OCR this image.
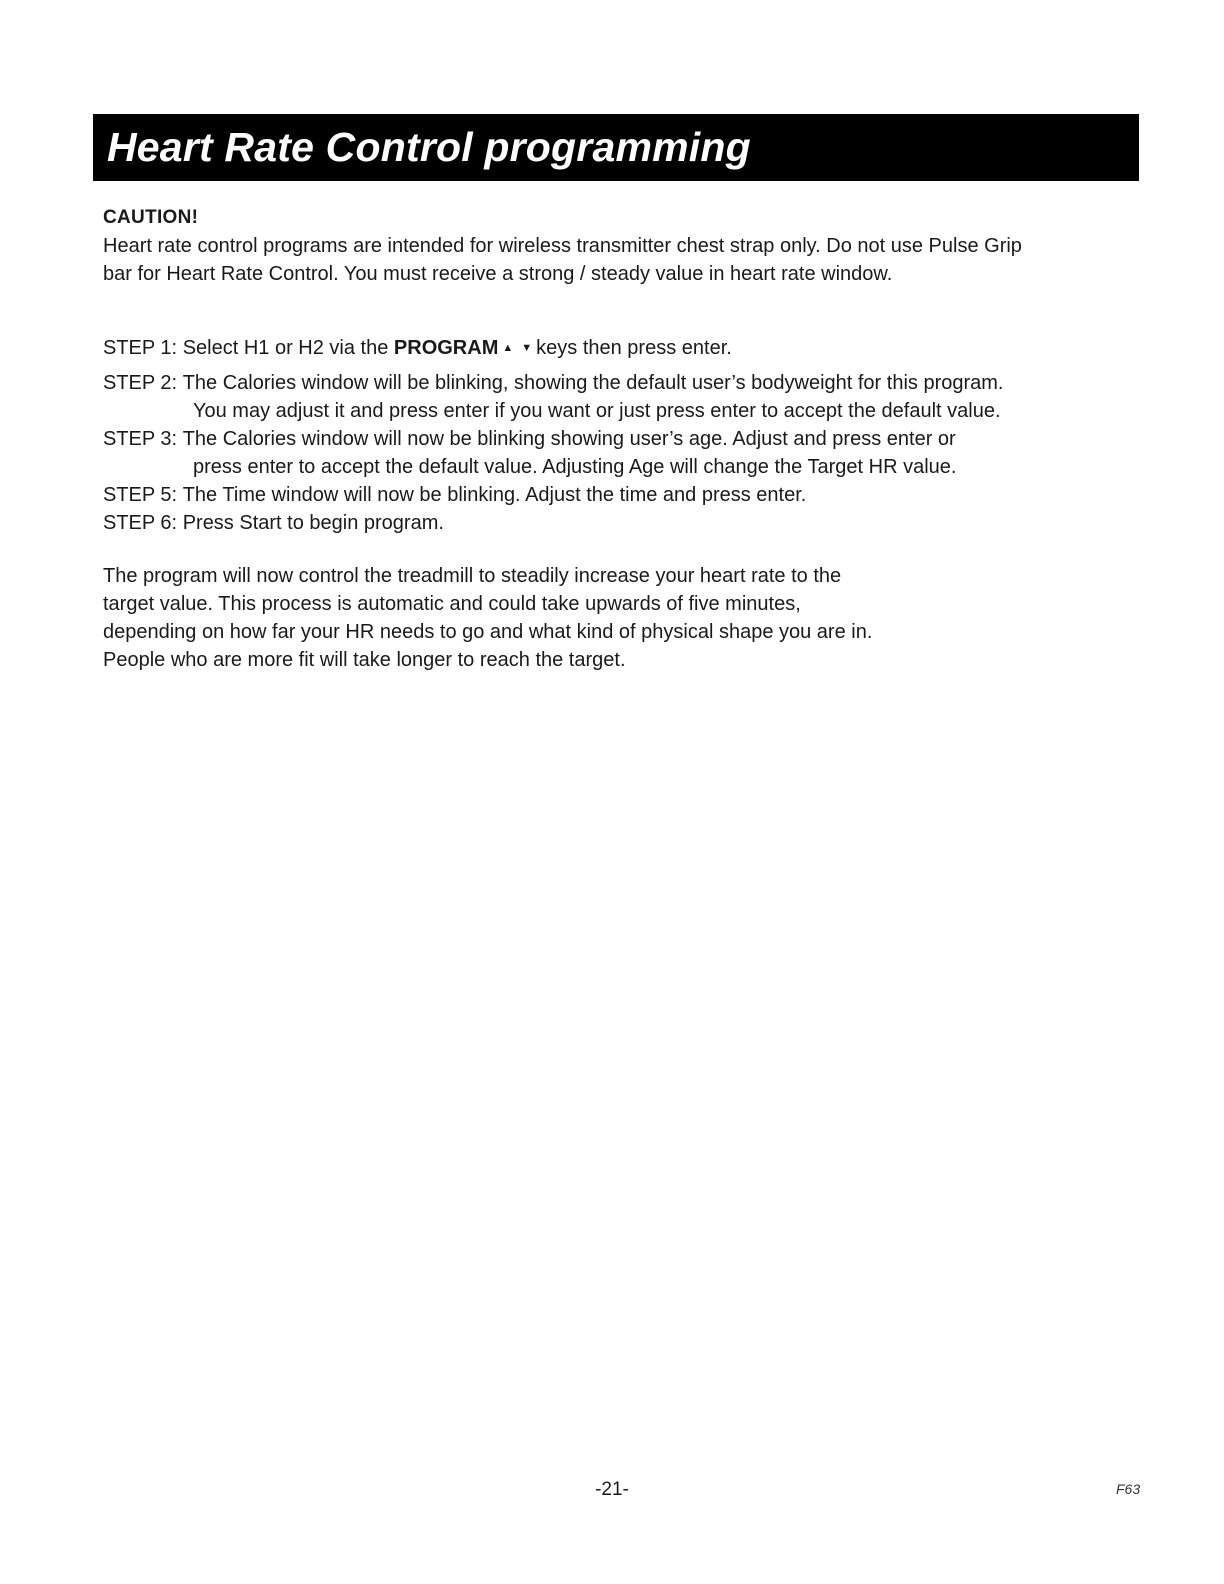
Heart Rate Control programming
CAUTION!
Heart rate control programs are intended for wireless transmitter chest strap only. Do not use Pulse Grip
bar for Heart Rate Control. You must receive a strong / steady value in heart rate window.
STEP 1: Select H1 or H2 via the PROGRAM ▲ ▼ keys then press enter.
STEP 2: The Calories window will be blinking, showing the default user’s bodyweight for this program.
You may adjust it and press enter if you want or just press enter to accept the default value.
STEP 3: The Calories window will now be blinking showing user’s age. Adjust and press enter or
press enter to accept the default value. Adjusting Age will change the Target HR value.
STEP 5: The Time window will now be blinking. Adjust the time and press enter.
STEP 6: Press Start to begin program.
The program will now control the treadmill to steadily increase your heart rate to the
target value. This process is automatic and could take upwards of five minutes,
depending on how far your HR needs to go and what kind of physical shape you are in.
People who are more fit will take longer to reach the target.
-21-	F63
